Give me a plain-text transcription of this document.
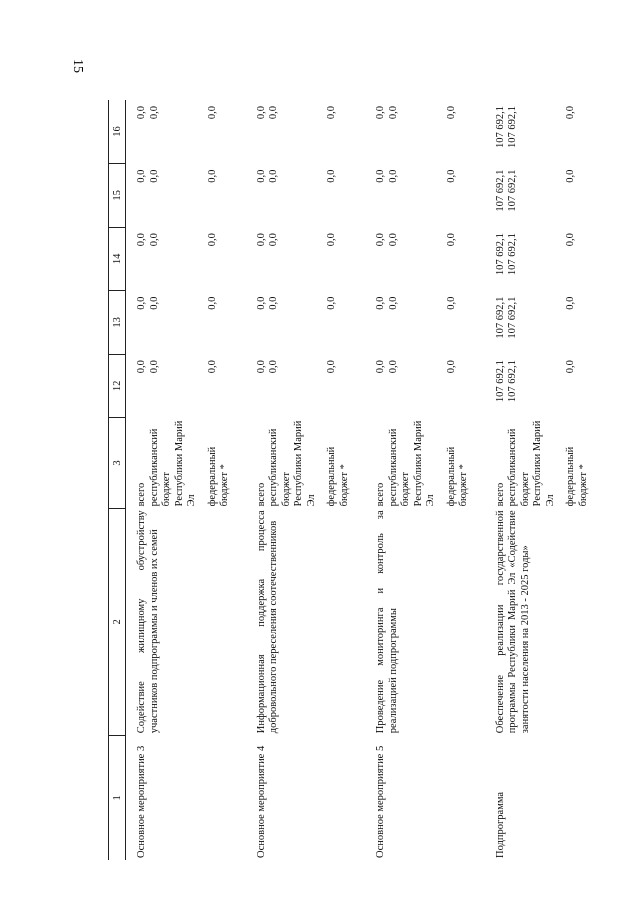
15
1	2	3	12	13	14	15	16
Основное мероприятие 3	Содействие жилищному обустройству участников подпрограммы и членов их семей	всего	0,0	0,0	0,0	0,0	0,0
		республиканский бюджет Республики Марий Эл	0,0	0,0	0,0	0,0	0,0
		федеральный бюджет *	0,0	0,0	0,0	0,0	0,0
Основное мероприятие 4	Информационная поддержка процесса добровольного переселения соотечественников	всего	0,0	0,0	0,0	0,0	0,0
		республиканский бюджет Республики Марий Эл	0,0	0,0	0,0	0,0	0,0
		федеральный бюджет *	0,0	0,0	0,0	0,0	0,0
Основное мероприятие 5	Проведение мониторинга и контроль за реализацией подпрограммы	всего	0,0	0,0	0,0	0,0	0,0
		республиканский бюджет Республики Марий Эл	0,0	0,0	0,0	0,0	0,0
		федеральный бюджет *	0,0	0,0	0,0	0,0	0,0
Подпрограмма	Обеспечение реализации государственной программы Республики Марий Эл «Содействие занятости населения на 2013 - 2025 годы»	всего	107 692,1	107 692,1	107 692,1	107 692,1	107 692,1
		республиканский бюджет Республики Марий Эл	107 692,1	107 692,1	107 692,1	107 692,1	107 692,1
		федеральный бюджет *	0,0	0,0	0,0	0,0	0,0
